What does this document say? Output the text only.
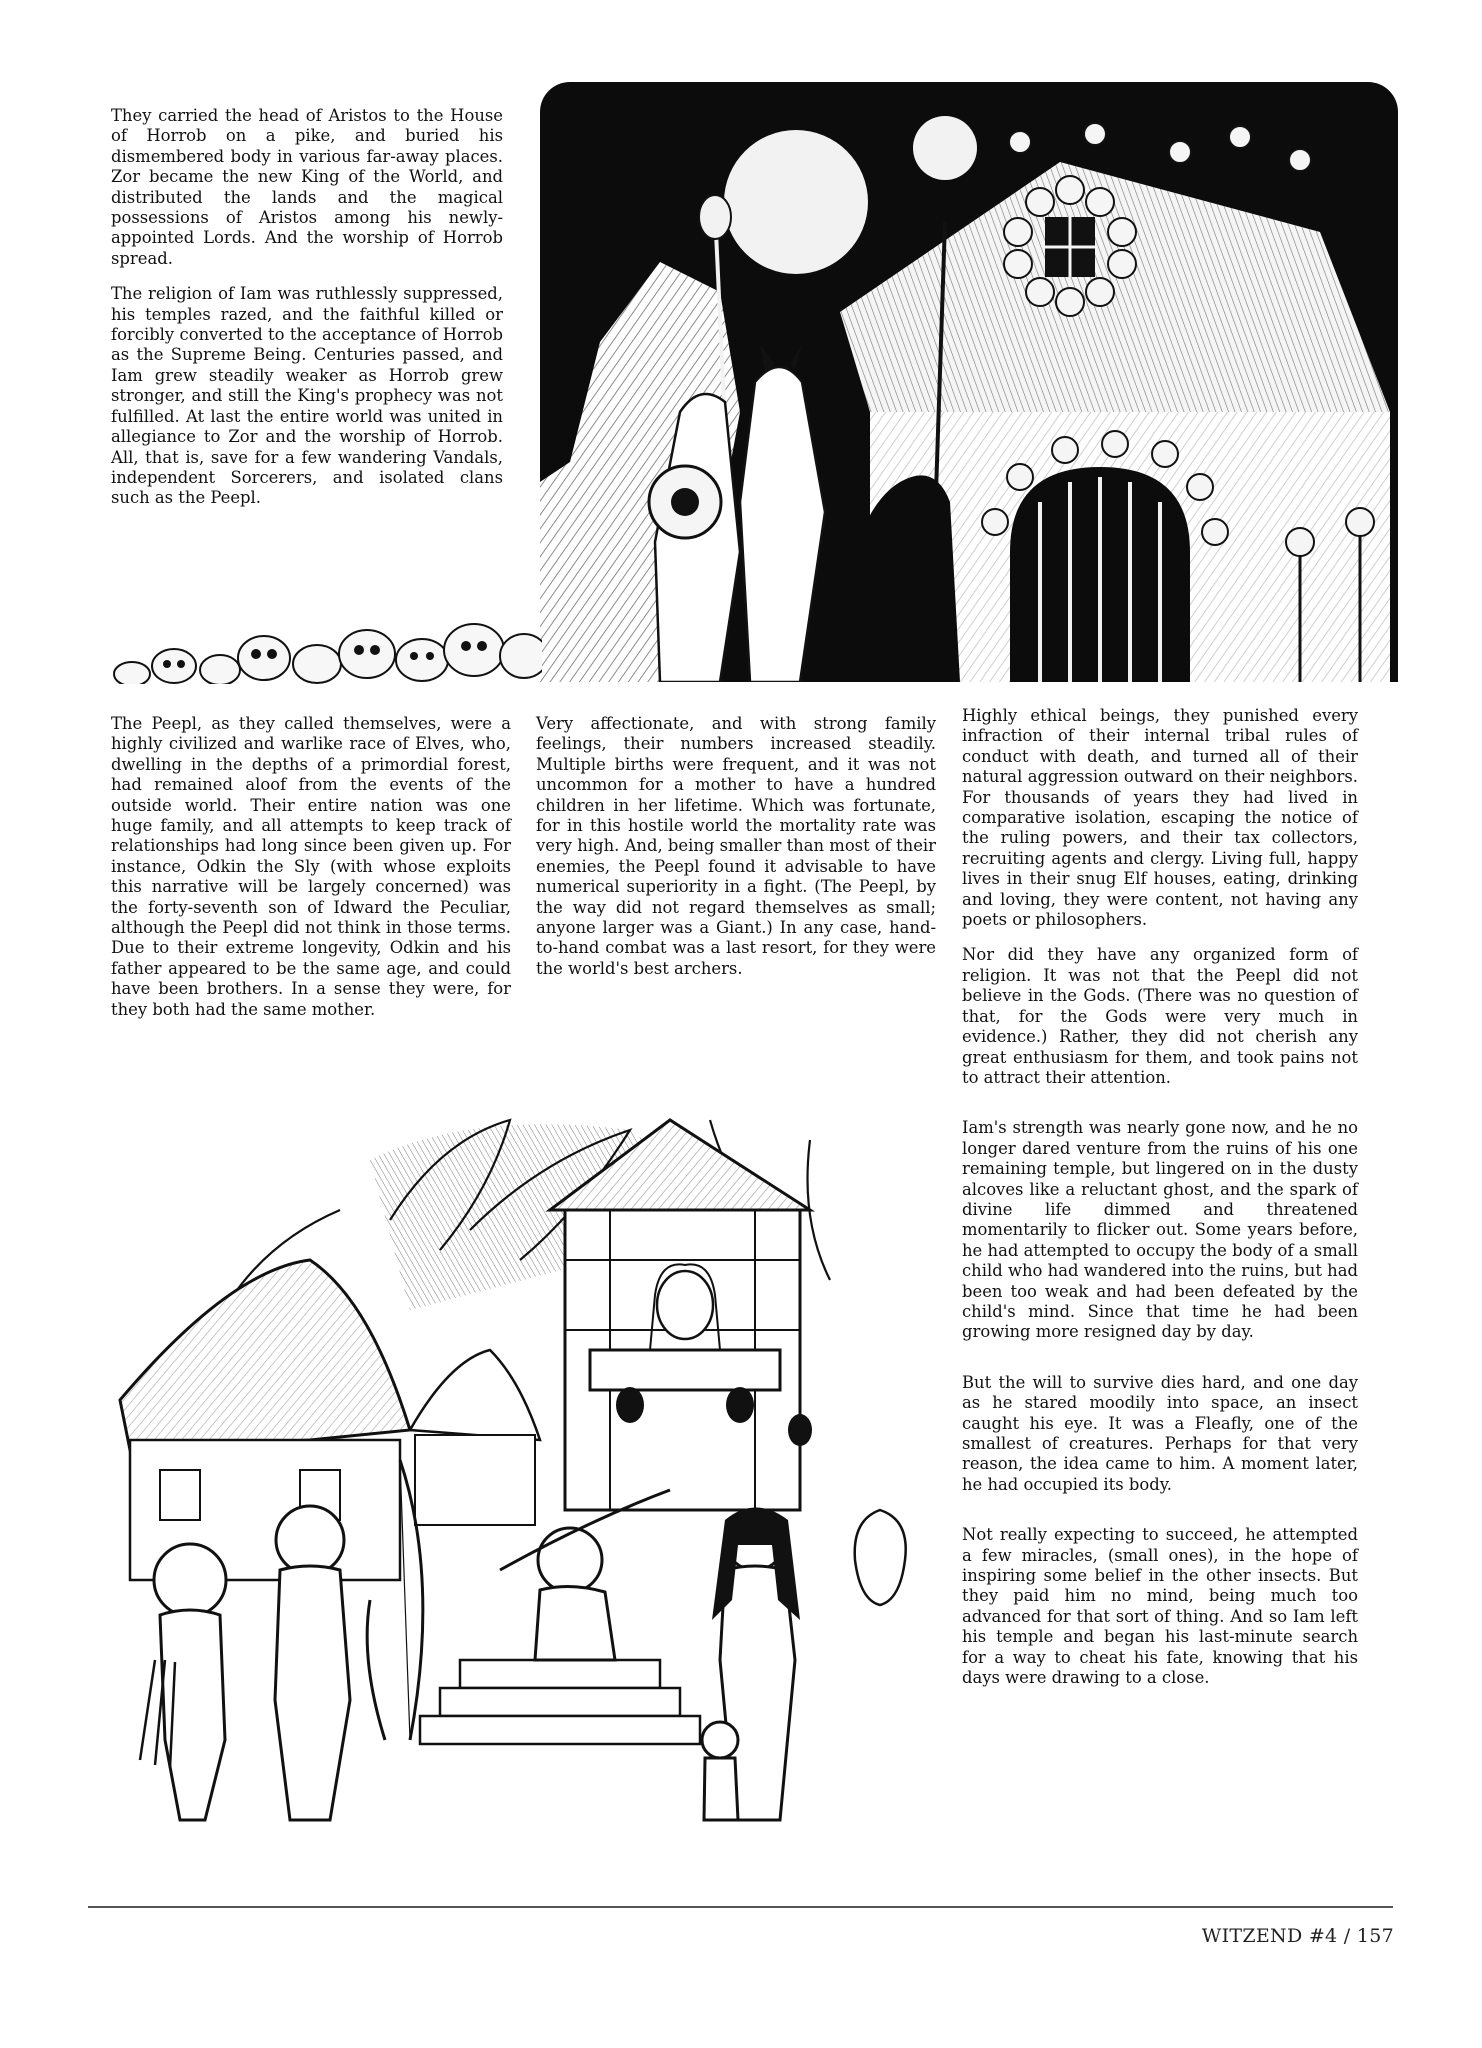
They carried the head of Aristos to the House of Horrob on a pike, and buried his dismembered body in various far-away places. Zor became the new King of the World, and distributed the lands and the magical possessions of Aristos among his newly-appointed Lords. And the worship of Horrob spread.

The religion of Iam was ruthlessly suppressed, his temples razed, and the faithful killed or forcibly converted to the acceptance of Horrob as the Supreme Being. Centuries passed, and Iam grew steadily weaker as Horrob grew stronger, and still the King's prophecy was not fulfilled. At last the entire world was united in allegiance to Zor and the worship of Horrob. All, that is, save for a few wandering Vandals, independent Sorcerers, and isolated clans such as the Peepl.

The Peepl, as they called themselves, were a highly civilized and warlike race of Elves, who, dwelling in the depths of a primordial forest, had remained aloof from the events of the outside world. Their entire nation was one huge family, and all attempts to keep track of relationships had long since been given up. For instance, Odkin the Sly (with whose exploits this narrative will be largely concerned) was the forty-seventh son of Idward the Peculiar, although the Peepl did not think in those terms. Due to their extreme longevity, Odkin and his father appeared to be the same age, and could have been brothers. In a sense they were, for they both had the same mother.

Very affectionate, and with strong family feelings, their numbers increased steadily. Multiple births were frequent, and it was not uncommon for a mother to have a hundred children in her lifetime. Which was fortunate, for in this hostile world the mortality rate was very high. And, being smaller than most of their enemies, the Peepl found it advisable to have numerical superiority in a fight. (The Peepl, by the way did not regard themselves as small; anyone larger was a Giant.) In any case, hand-to-hand combat was a last resort, for they were the world's best archers.

Highly ethical beings, they punished every infraction of their internal tribal rules of conduct with death, and turned all of their natural aggression outward on their neighbors. For thousands of years they had lived in comparative isolation, escaping the notice of the ruling powers, and their tax collectors, recruiting agents and clergy. Living full, happy lives in their snug Elf houses, eating, drinking and loving, they were content, not having any poets or philosophers.

Nor did they have any organized form of religion. It was not that the Peepl did not believe in the Gods. (There was no question of that, for the Gods were very much in evidence.) Rather, they did not cherish any great enthusiasm for them, and took pains not to attract their attention.

Iam's strength was nearly gone now, and he no longer dared venture from the ruins of his one remaining temple, but lingered on in the dusty alcoves like a reluctant ghost, and the spark of divine life dimmed and threatened momentarily to flicker out. Some years before, he had attempted to occupy the body of a small child who had wandered into the ruins, but had been too weak and had been defeated by the child's mind. Since that time he had been growing more resigned day by day.

But the will to survive dies hard, and one day as he stared moodily into space, an insect caught his eye. It was a Fleafly, one of the smallest of creatures. Perhaps for that very reason, the idea came to him. A moment later, he had occupied its body.

Not really expecting to succeed, he attempted a few miracles, (small ones), in the hope of inspiring some belief in the other insects. But they paid him no mind, being much too advanced for that sort of thing. And so Iam left his temple and began his last-minute search for a way to cheat his fate, knowing that his days were drawing to a close.

WITZEND #4 / 157
